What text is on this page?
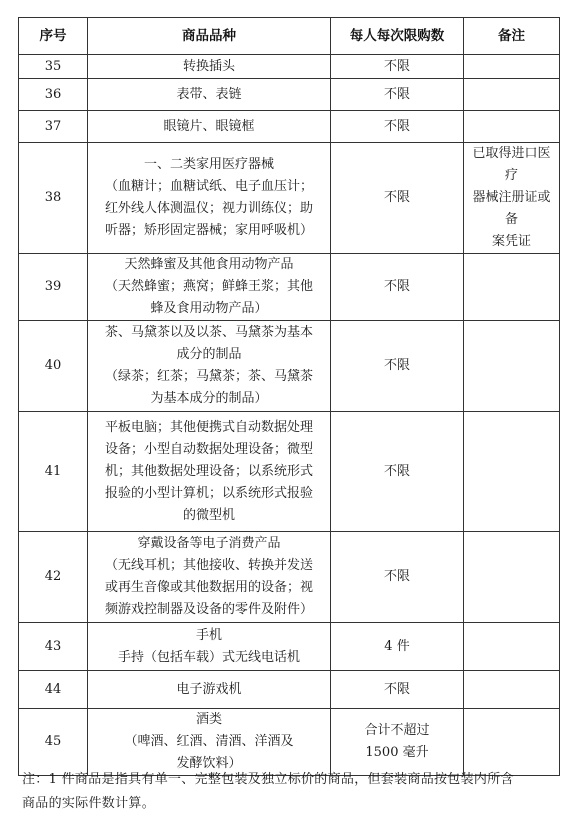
序号	商品品种	每人每次限购数	备注
35	转换插头	不限	

36	表带、表链	不限	

37	眼镜片、眼镜框	不限	

38	一、二类家用医疗器械
（血糖计；血糖试纸、电子血压计；
红外线人体测温仪；视力训练仪；助
听器；矫形固定器械；家用呼吸机）	不限	已取得进口医疗
器械注册证或备
案凭证

39	天然蜂蜜及其他食用动物产品
（天然蜂蜜；燕窝；鲜蜂王浆；其他
蜂及食用动物产品）	不限	

40	茶、马黛茶以及以茶、马黛茶为基本
成分的制品
（绿茶；红茶；马黛茶；茶、马黛茶
为基本成分的制品）	不限	

41	平板电脑；其他便携式自动数据处理
设备；小型自动数据处理设备；微型
机；其他数据处理设备；以系统形式
报验的小型计算机；以系统形式报验
的微型机	不限	

42	穿戴设备等电子消费产品
（无线耳机；其他接收、转换并发送
或再生音像或其他数据用的设备；视
频游戏控制器及设备的零件及附件）	不限	

43	手机
手持（包括车载）式无线电话机	4 件	

44	电子游戏机	不限	

45	酒类
（啤酒、红酒、清酒、洋酒及
发酵饮料）	合计不超过
1500 毫升	

注：1 件商品是指具有单一、完整包装及独立标价的商品，但套装商品按包装内所含
商品的实际件数计算。
